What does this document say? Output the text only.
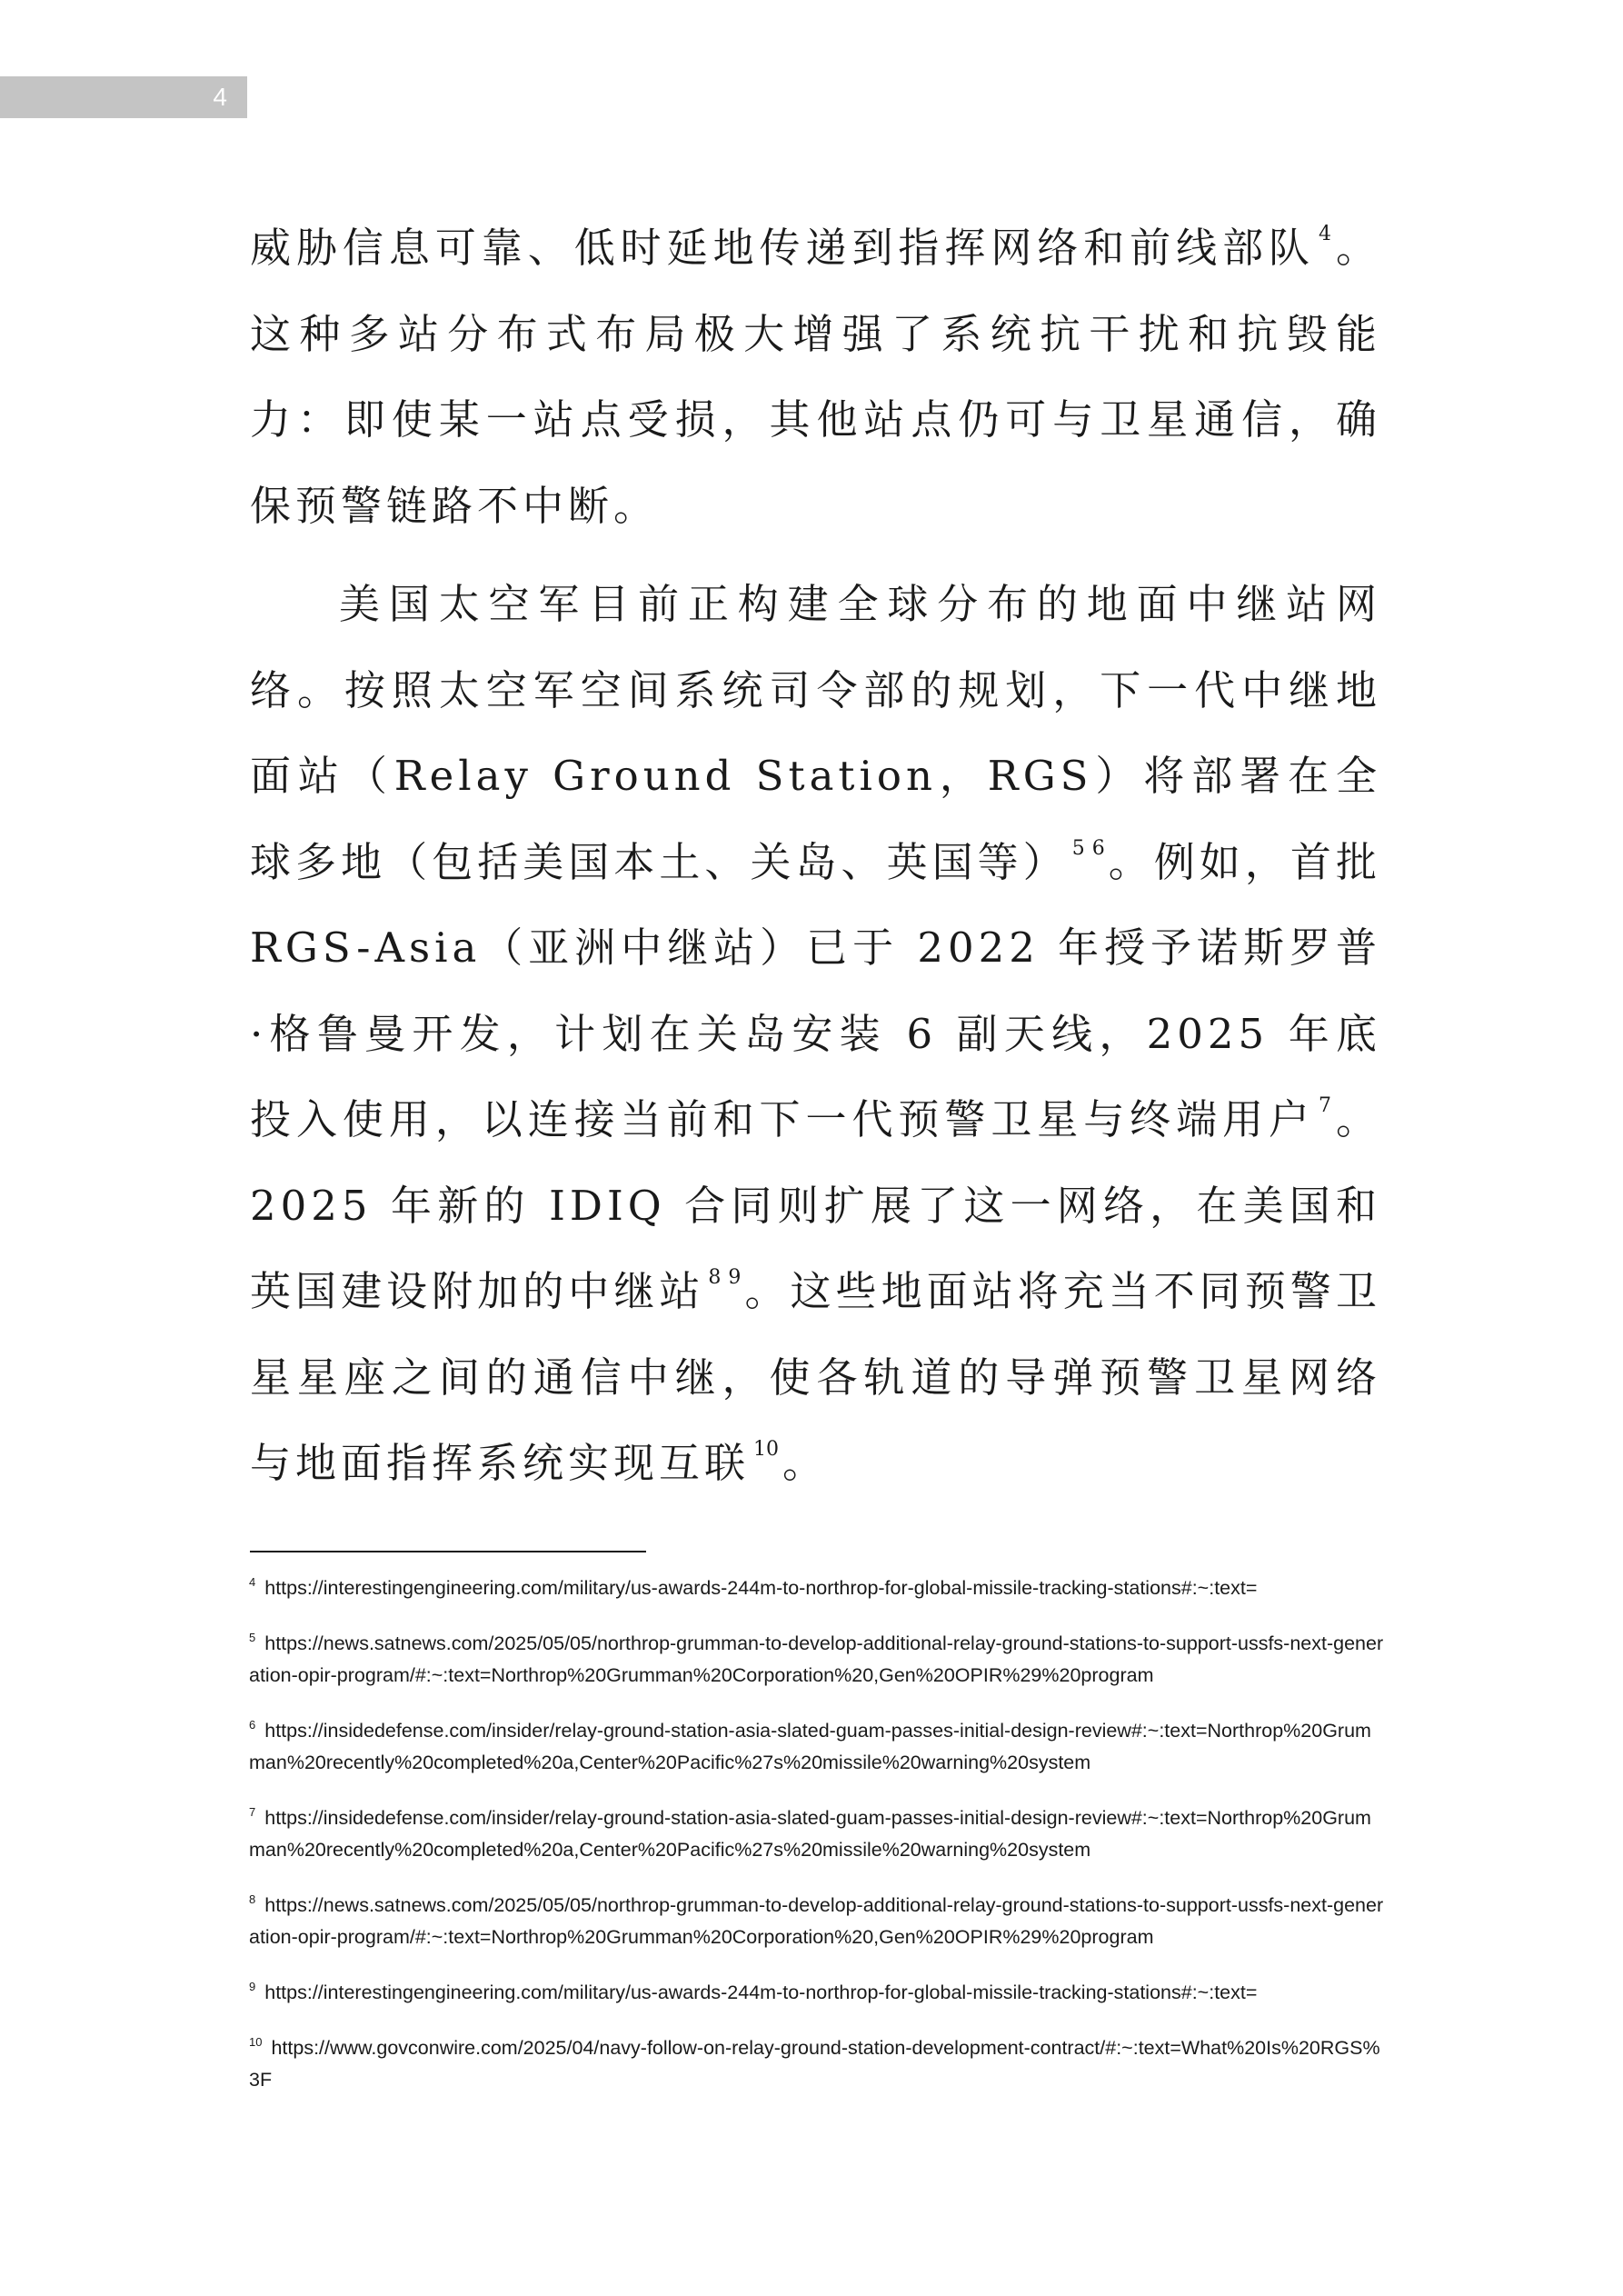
4

威胁信息可靠、低时延地传递到指挥网络和前线部队 $^4$。这种多站分布式布局极大增强了系统抗干扰和抗毁能力：即使某一站点受损，其他站点仍可与卫星通信，确保预警链路不中断。

美国太空军目前正构建全球分布的地面中继站网络。按照太空军空间系统司令部的规划，下一代中继地面站（Relay Ground Station，RGS）将部署在全球多地（包括美国本土、关岛、英国等） $^5$ $^6$。例如，首批 RGS-Asia（亚洲中继站）已于 2022 年授予诺斯罗普·格鲁曼开发，计划在关岛安装 6 副天线，2025 年底投入使用，以连接当前和下一代预警卫星与终端用户 $^7$。2025 年新的 IDIQ 合同则扩展了这一网络，在美国和英国建设附加的中继站 $^8$ $^9$。这些地面站将充当不同预警卫星星座之间的通信中继，使各轨道的导弹预警卫星网络与地面指挥系统实现互联 $^{10}$。

$^4$ https://interestingengineering.com/military/us-awards-244m-to-northrop-for-global-missile-tracking-stations#:~:text=

$^5$ https://news.satnews.com/2025/05/05/northrop-grumman-to-develop-additional-relay-ground-stations-to-support-ussfs-next-generation-opir-program/#:~:text=Northrop%20Grumman%20Corporation%20,Gen%20OPIR%29%20program

$^6$ https://insidedefense.com/insider/relay-ground-station-asia-slated-guam-passes-initial-design-review#:~:text=Northrop%20Grumman%20recently%20completed%20a,Center%20Pacific%27s%20missile%20warning%20system

$^7$ https://insidedefense.com/insider/relay-ground-station-asia-slated-guam-passes-initial-design-review#:~:text=Northrop%20Grumman%20recently%20completed%20a,Center%20Pacific%27s%20missile%20warning%20system

$^8$ https://news.satnews.com/2025/05/05/northrop-grumman-to-develop-additional-relay-ground-stations-to-support-ussfs-next-generation-opir-program/#:~:text=Northrop%20Grumman%20Corporation%20,Gen%20OPIR%29%20program

$^9$ https://interestingengineering.com/military/us-awards-244m-to-northrop-for-global-missile-tracking-stations#:~:text=

$^{10}$ https://www.govconwire.com/2025/04/navy-follow-on-relay-ground-station-development-contract/#:~:text=What%20Is%20RGS%3F
